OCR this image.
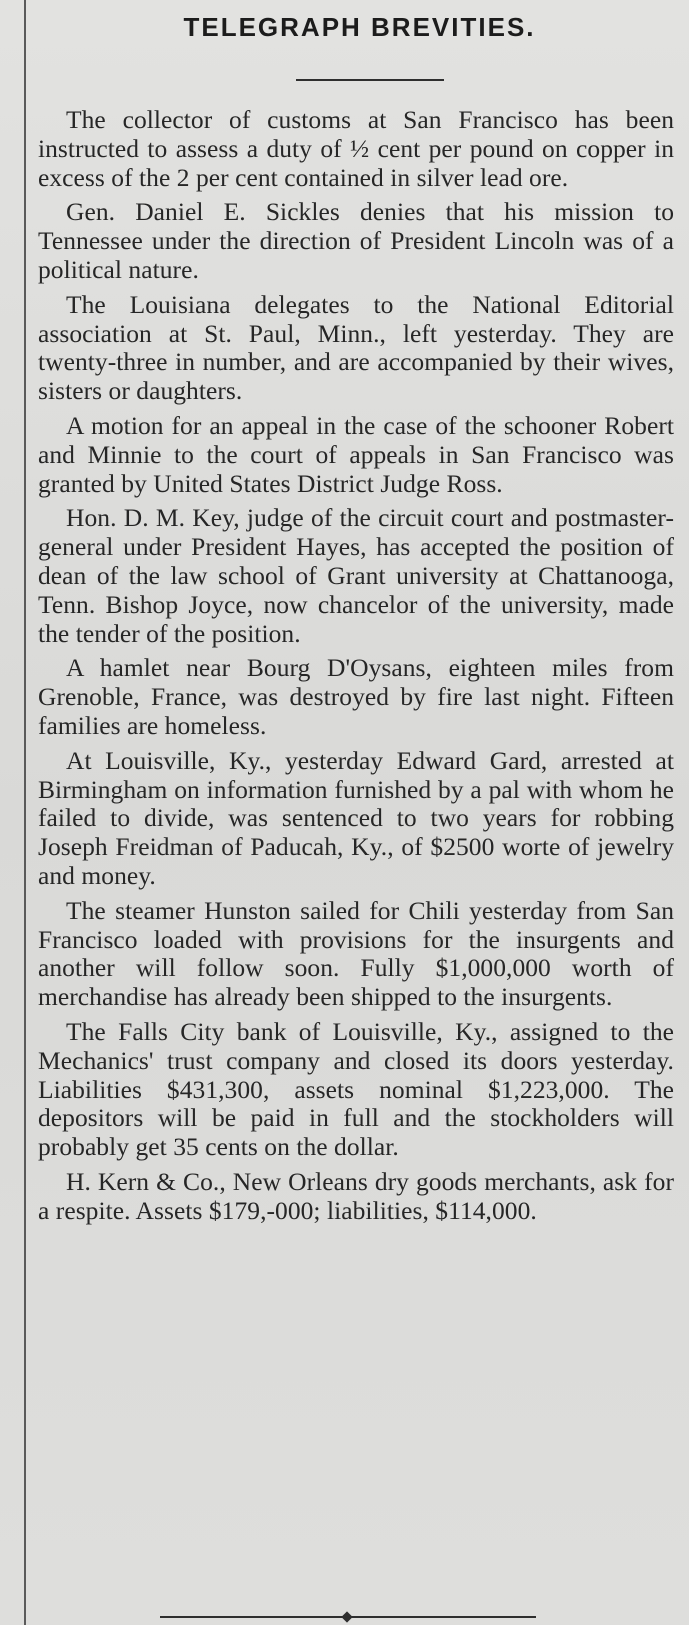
TELEGRAPH BREVITIES.

The collector of customs at San Francisco has been instructed to assess a duty of ½ cent per pound on copper in excess of the 2 per cent contained in silver lead ore.

Gen. Daniel E. Sickles denies that his mission to Tennessee under the direction of President Lincoln was of a political nature.

The Louisiana delegates to the National Editorial association at St. Paul, Minn., left yesterday. They are twenty-three in number, and are accompanied by their wives, sisters or daughters.

A motion for an appeal in the case of the schooner Robert and Minnie to the court of appeals in San Francisco was granted by United States District Judge Ross.

Hon. D. M. Key, judge of the circuit court and postmaster-general under President Hayes, has accepted the position of dean of the law school of Grant university at Chattanooga, Tenn. Bishop Joyce, now chancelor of the university, made the tender of the position.

A hamlet near Bourg D'Oysans, eighteen miles from Grenoble, France, was destroyed by fire last night. Fifteen families are homeless.

At Louisville, Ky., yesterday Edward Gard, arrested at Birmingham on information furnished by a pal with whom he failed to divide, was sentenced to two years for robbing Joseph Freidman of Paducah, Ky., of $2500 worte of jewelry and money.

The steamer Hunston sailed for Chili yesterday from San Francisco loaded with provisions for the insurgents and another will follow soon. Fully $1,000,000 worth of merchandise has already been shipped to the insurgents.

The Falls City bank of Louisville, Ky., assigned to the Mechanics' trust company and closed its doors yesterday. Liabilities $431,300, assets nominal $1,223,000. The depositors will be paid in full and the stockholders will probably get 35 cents on the dollar.

H. Kern & Co., New Orleans dry goods merchants, ask for a respite. Assets $179,-000; liabilities, $114,000.
